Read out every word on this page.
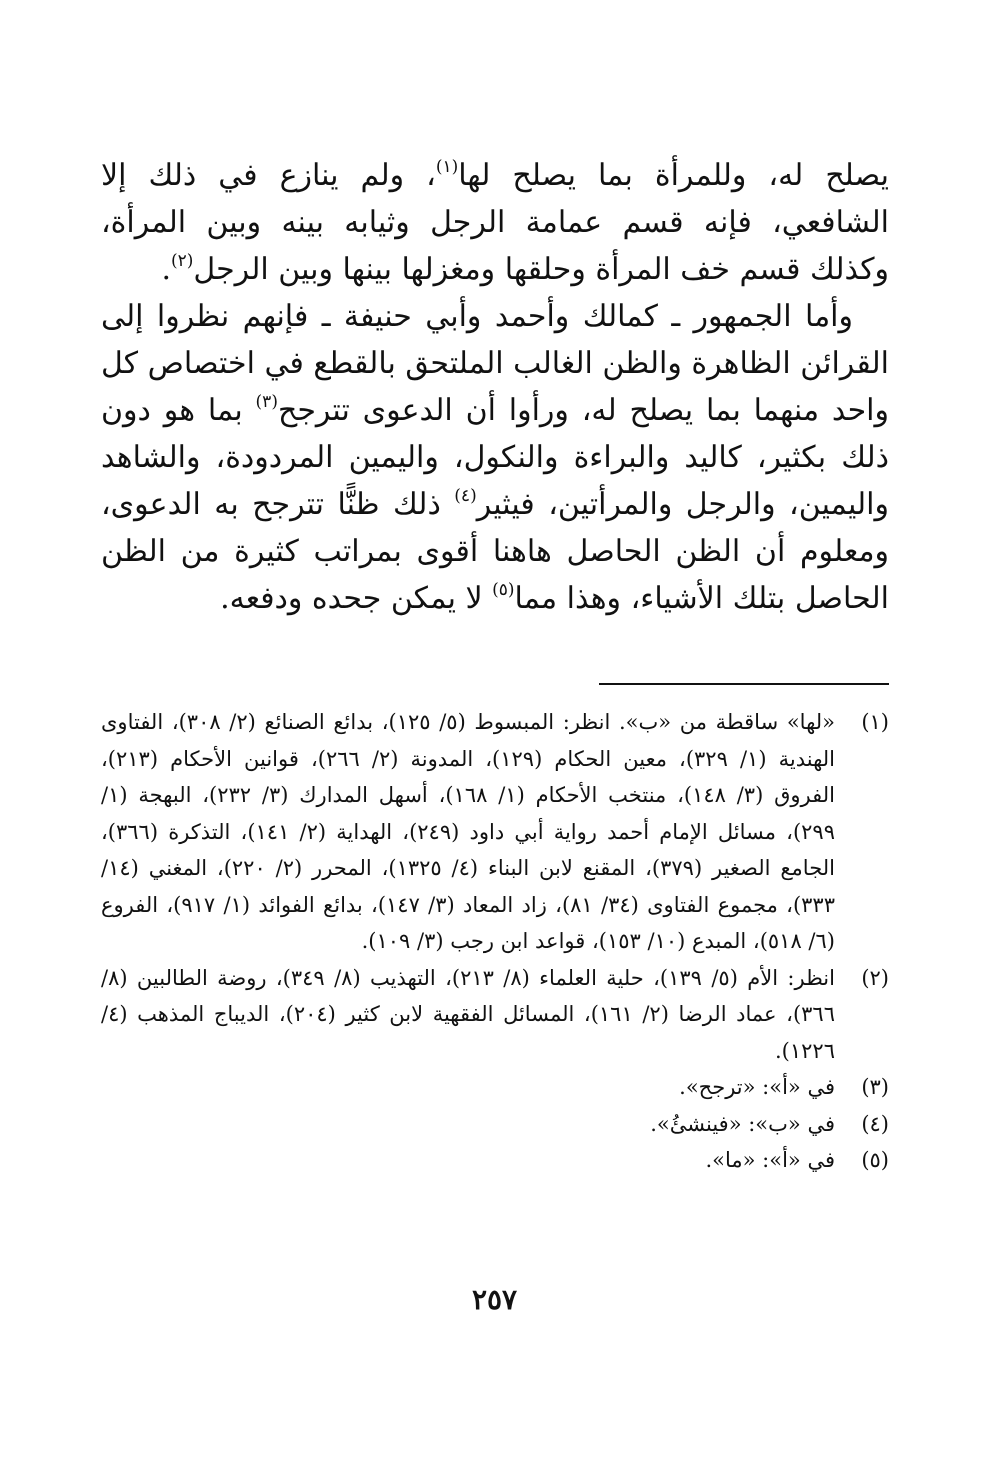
يصلح له، وللمرأة بما يصلح لها$^{(١)}$، ولم ينازع في ذلك إلا الشافعي، فإنه قسم عمامة الرجل وثيابه بينه وبين المرأة، وكذلك قسم خف المرأة وحلقها ومغزلها بينها وبين الرجل$^{(٢)}$.

وأما الجمهور ـ كمالك وأحمد وأبي حنيفة ـ فإنهم نظروا إلى القرائن الظاهرة والظن الغالب الملتحق بالقطع في اختصاص كل واحد منهما بما يصلح له، ورأوا أن الدعوى تترجح$^{(٣)}$ بما هو دون ذلك بكثير، كاليد والبراءة والنكول، واليمين المردودة، والشاهد واليمين، والرجل والمرأتين، فيثير$^{(٤)}$ ذلك ظنًّا تترجح به الدعوى، ومعلوم أن الظن الحاصل هاهنا أقوى بمراتب كثيرة من الظن الحاصل بتلك الأشياء، وهذا مما$^{(٥)}$ لا يمكن جحده ودفعه.

(١)
«لها» ساقطة من «ب». انظر: المبسوط (٥/ ١٢٥)، بدائع الصنائع (٢/ ٣٠٨)، الفتاوى الهندية (١/ ٣٢٩)، معين الحكام (١٢٩)، المدونة (٢/ ٢٦٦)، قوانين الأحكام (٢١٣)، الفروق (٣/ ١٤٨)، منتخب الأحكام (١/ ١٦٨)، أسهل المدارك (٣/ ٢٣٢)، البهجة (١/ ٢٩٩)، مسائل الإمام أحمد رواية أبي داود (٢٤٩)، الهداية (٢/ ١٤١)، التذكرة (٣٦٦)، الجامع الصغير (٣٧٩)، المقنع لابن البناء (٤/ ١٣٢٥)، المحرر (٢/ ٢٢٠)، المغني (١٤/ ٣٣٣)، مجموع الفتاوى (٣٤/ ٨١)، زاد المعاد (٣/ ١٤٧)، بدائع الفوائد (١/ ٩١٧)، الفروع (٦/ ٥١٨)، المبدع (١٠/ ١٥٣)، قواعد ابن رجب (٣/ ١٠٩).
(٢)
انظر: الأم (٥/ ١٣٩)، حلية العلماء (٨/ ٢١٣)، التهذيب (٨/ ٣٤٩)، روضة الطالبين (٨/ ٣٦٦)، عماد الرضا (٢/ ١٦١)، المسائل الفقهية لابن كثير (٢٠٤)، الديباج المذهب (٤/ ١٢٢٦).
(٣)
في «أ»: «ترجح».
(٤)
في «ب»: «فينشئُ».
(٥)
في «أ»: «ما».
٢٥٧
